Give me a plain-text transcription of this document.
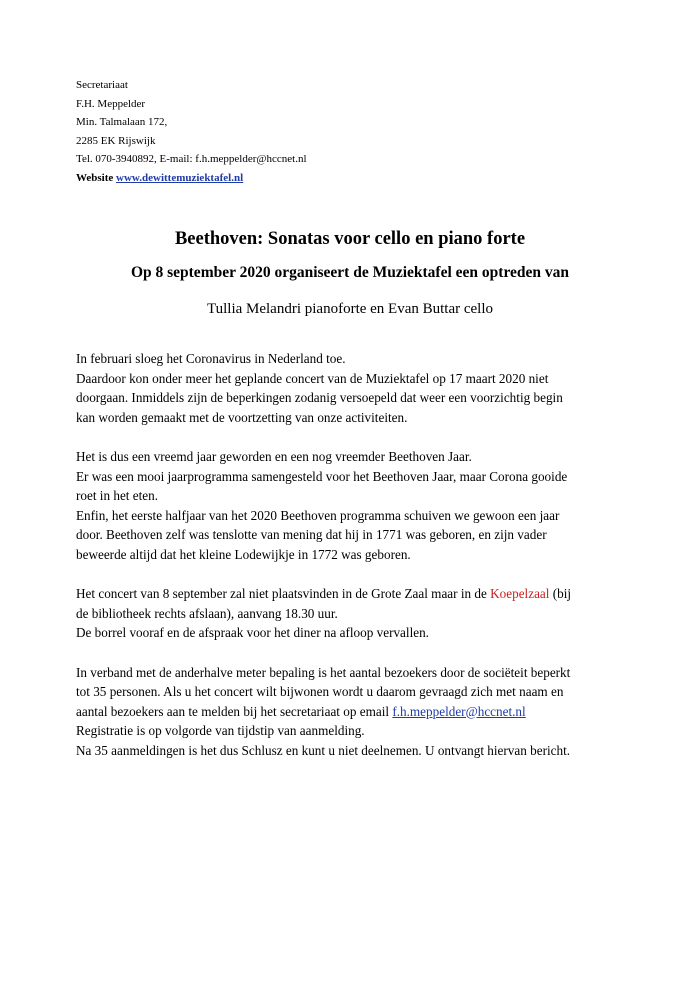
Secretariaat
F.H. Meppelder
Min. Talmalaan 172,
2285 EK Rijswijk
Tel. 070-3940892, E-mail: f.h.meppelder@hccnet.nl
Website www.dewittemuziektafel.nl
Beethoven: Sonatas voor cello en piano forte
Op 8 september 2020 organiseert de Muziektafel een optreden van
Tullia Melandri pianoforte en Evan Buttar cello

In februari sloeg het Coronavirus in Nederland toe.
Daardoor kon onder meer het geplande concert van de Muziektafel op 17 maart 2020 niet
doorgaan. Inmiddels zijn de beperkingen zodanig versoepeld dat weer een voorzichtig begin
kan worden gemaakt met de voortzetting van onze activiteiten.

Het is dus een vreemd jaar geworden en een nog vreemder Beethoven Jaar.
Er was een mooi jaarprogramma samengesteld voor het Beethoven Jaar, maar Corona gooide
roet in het eten.
Enfin, het eerste halfjaar van het 2020 Beethoven programma schuiven we gewoon een jaar
door. Beethoven zelf was tenslotte van mening dat hij in 1771 was geboren, en zijn vader
beweerde altijd dat het kleine Lodewijkje in 1772 was geboren.

Het concert van 8 september zal niet plaatsvinden in de Grote Zaal maar in de Koepelzaal (bij
de bibliotheek rechts afslaan), aanvang 18.30 uur.
De borrel vooraf en de afspraak voor het diner na afloop vervallen.

In verband met de anderhalve meter bepaling is het aantal bezoekers door de sociëteit beperkt
tot 35 personen. Als u het concert wilt bijwonen wordt u daarom gevraagd zich met naam en
aantal bezoekers aan te melden bij het secretariaat op email f.h.meppelder@hccnet.nl
Registratie is op volgorde van tijdstip van aanmelding.
Na 35 aanmeldingen is het dus Schlusz en kunt u niet deelnemen. U ontvangt hiervan bericht.
